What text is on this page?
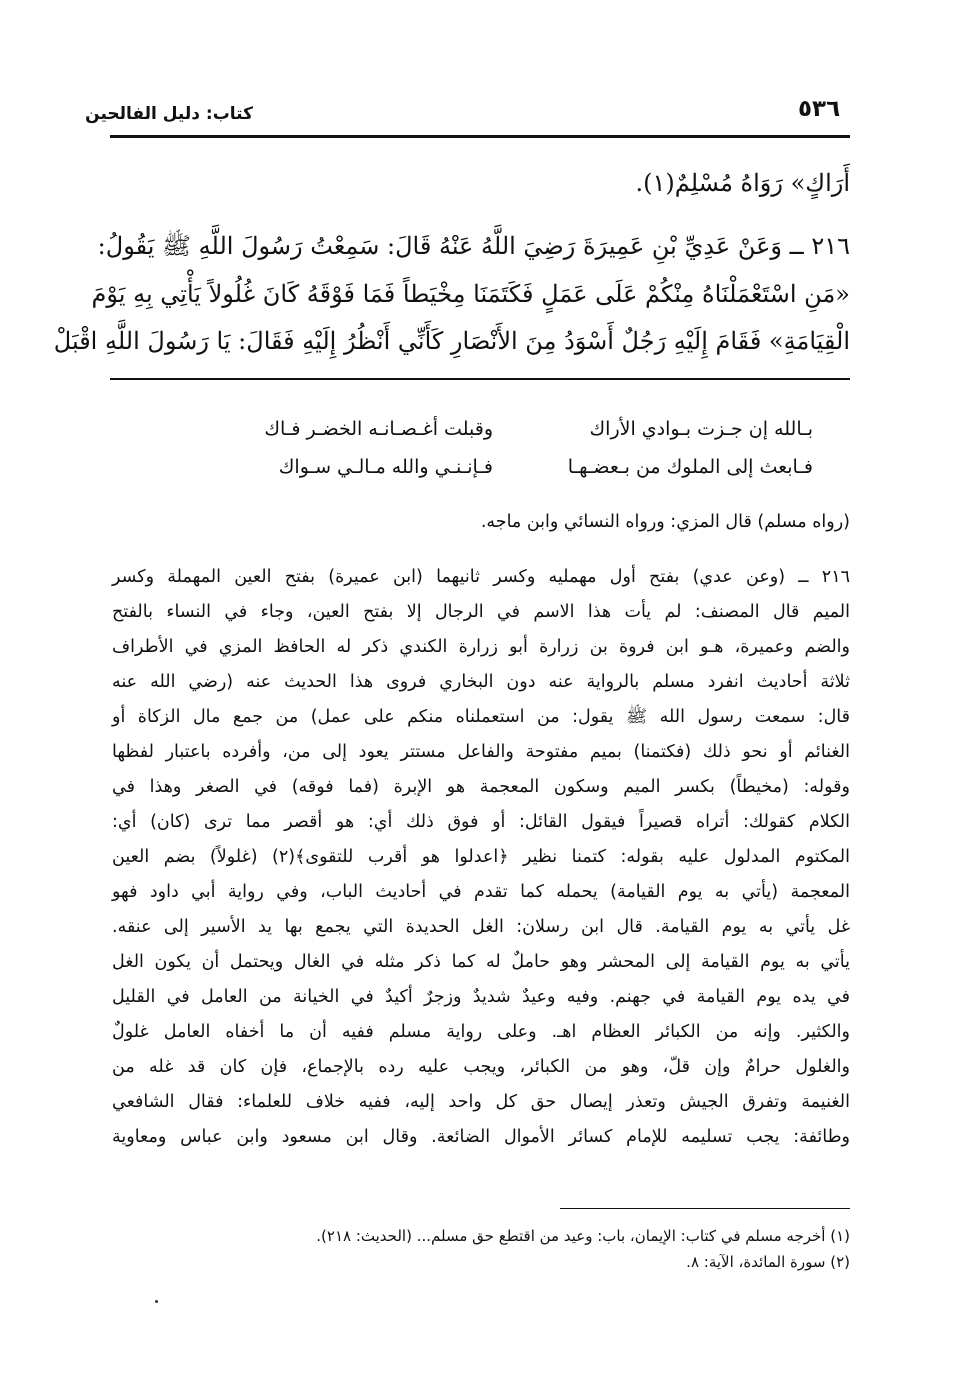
٥٣٦
كتاب: دليل الفالحين
أَرَاكٍ» رَوَاهُ مُسْلِمٌ(١).
٢١٦ ــ وَعَنْ عَدِيِّ بْنِ عَمِيرَةَ رَضِيَ اللَّهُ عَنْهُ قَالَ: سَمِعْتُ رَسُولَ اللَّهِ ﷺ يَقُولُ:
«مَنِ اسْتَعْمَلْنَاهُ مِنْكُمْ عَلَى عَمَلٍ فَكَتَمَنَا مِخْيَطاً فَمَا فَوْقَهُ كَانَ غُلُولاً يَأْتِي بِهِ يَوْمَ
الْقِيَامَةِ» فَقَامَ إِلَيْهِ رَجُلٌ أَسْوَدُ مِنَ الأَنْصَارِ كَأَنِّي أَنْظُرُ إِلَيْهِ فَقَالَ: يَا رَسُولَ اللَّهِ اقْبَلْ
بـالله إن جـزت بـوادي الأراك
وقبلت أغـصـانـه الخضـر فـاك
فـابعث إلى الملوك من بـعضـهـا
فـإنـنـي والله مـالـي سـواك
(رواه مسلم) قال المزي: ورواه النسائي وابن ماجه.
٢١٦ ــ (وعن عدي) بفتح أول مهمليه وكسر ثانيهما (ابن عميرة) بفتح العين المهملة وكسر
الميم قال المصنف: لم يأت هذا الاسم في الرجال إلا بفتح العين، وجاء في النساء بالفتح
والضم وعميرة، هـو ابن فروة بن زرارة أبو زرارة الكندي ذكر له الحافظ المزي في الأطراف
ثلاثة أحاديث انفرد مسلم بالرواية عنه دون البخاري فروى هذا الحديث عنه (رضي الله عنه
قال: سمعت رسول الله ﷺ يقول: من استعملناه منكم على عمل) من جمع مال الزكاة أو
الغنائم أو نحو ذلك (فكتمنا) بميم مفتوحة والفاعل مستتر يعود إلى من، وأفرده باعتبار لفظها
وقوله: (مخيطاً) بكسر الميم وسكون المعجمة هو الإبرة (فما فوقه) في الصغر وهذا في
الكلام كقولك: أتراه قصيراً فيقول القائل: أو فوق ذلك أي: هو أقصر مما ترى (كان) أي:
المكتوم المدلول عليه بقوله: كتمنا نظير ﴿اعدلوا هو أقرب للتقوى﴾(٢) (غلولاً) بضم العين
المعجمة (يأتي به يوم القيامة) يحمله كما تقدم في أحاديث الباب، وفي رواية أبي داود فهو
غل يأتي به يوم القيامة. قال ابن رسلان: الغل الحديدة التي يجمع بها يد الأسير إلى عنقه.
يأتي به يوم القيامة إلى المحشر وهو حاملٌ له كما ذكر مثله في الغال ويحتمل أن يكون الغل
في يده يوم القيامة في جهنم. وفيه وعيدٌ شديدٌ وزجرٌ أكيدٌ في الخيانة من العامل في القليل
والكثير. وإنه من الكبائر العظام اهـ. وعلى رواية مسلم ففيه أن ما أخفاه العامل غلولٌ
والغلول حرامٌ وإن قلّ، وهو من الكبائر، ويجب عليه رده بالإجماع، فإن كان قد غله من
الغنيمة وتفرق الجيش وتعذر إيصال حق كل واحد إليه، ففيه خلاف للعلماء: فقال الشافعي
وطائفة: يجب تسليمه للإمام كسائر الأموال الضائعة. وقال ابن مسعود وابن عباس ومعاوية
(١) أخرجه مسلم في كتاب: الإيمان، باب: وعيد من اقتطع حق مسلم... (الحديث: ٢١٨).
(٢) سورة المائدة، الآية: ٨.
